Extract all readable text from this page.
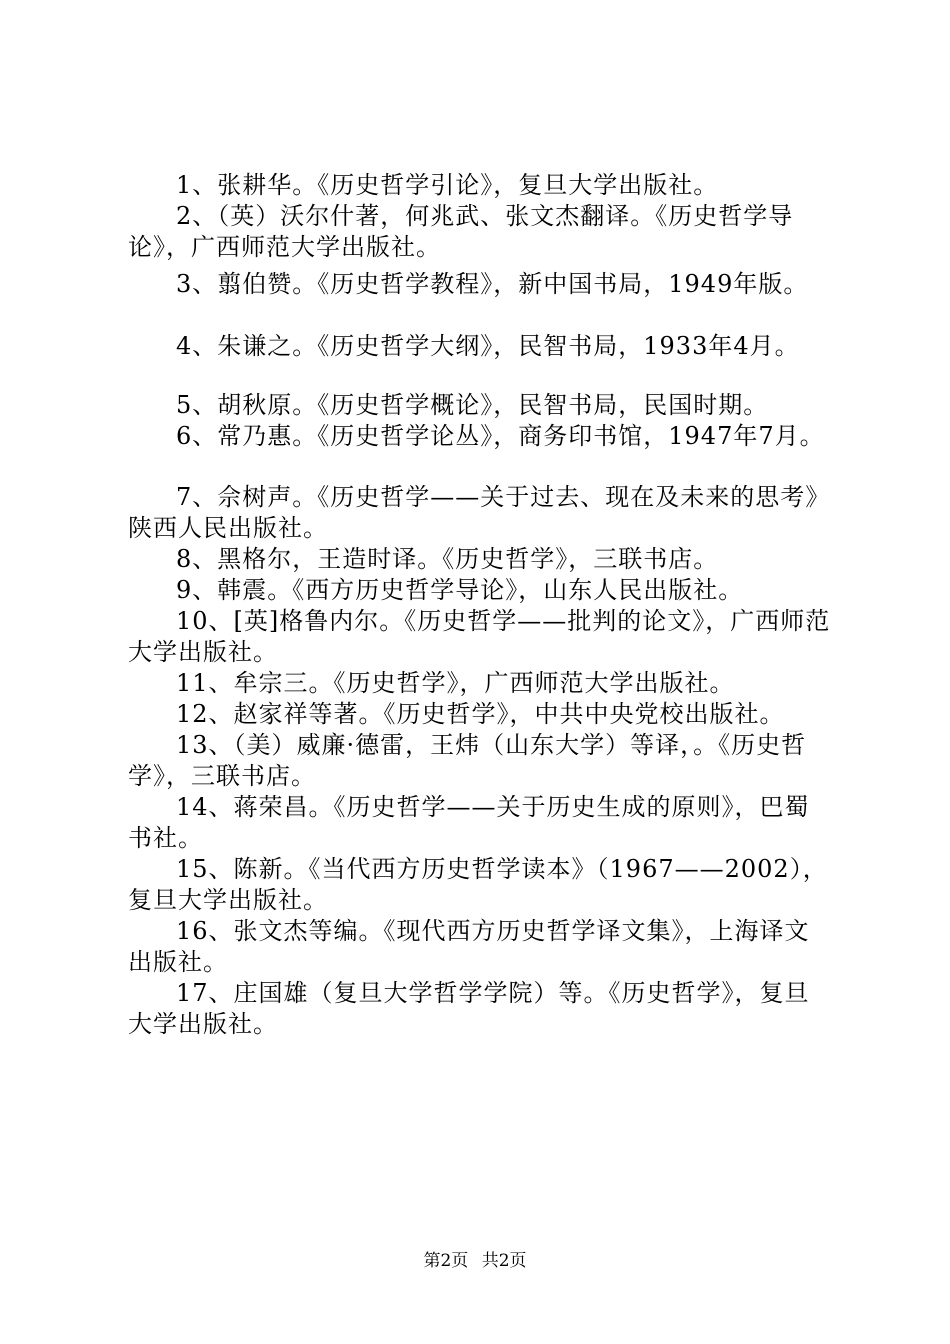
1、张耕华。《历史哲学引论》，复旦大学出版社。

2、（英）沃尔什著，何兆武、张文杰翻译。《历史哲学导论》，广西师范大学出版社。

3、翦伯赞。《历史哲学教程》，新中国书局，1949年版。

4、朱谦之。《历史哲学大纲》，民智书局，1933年4月。

5、胡秋原。《历史哲学概论》，民智书局，民国时期。

6、常乃惠。《历史哲学论丛》，商务印书馆，1947年7月。

7、佘树声。《历史哲学——关于过去、现在及未来的思考》陕西人民出版社。

8、黑格尔，王造时译。《历史哲学》，三联书店。

9、韩震。《西方历史哲学导论》，山东人民出版社。

10、[英]格鲁内尔。《历史哲学——批判的论文》，广西师范大学出版社。

11、牟宗三。《历史哲学》，广西师范大学出版社。

12、赵家祥等著。《历史哲学》，中共中央党校出版社。

13、（美）威廉·德雷，王炜（山东大学）等译，。《历史哲学》，三联书店。

14、蒋荣昌。《历史哲学——关于历史生成的原则》，巴蜀书社。

15、陈新。《当代西方历史哲学读本》（1967——2002），复旦大学出版社。

16、张文杰等编。《现代西方历史哲学译文集》，上海译文出版社。

17、庄国雄（复旦大学哲学学院）等。《历史哲学》，复旦大学出版社。

第2页 共2页
